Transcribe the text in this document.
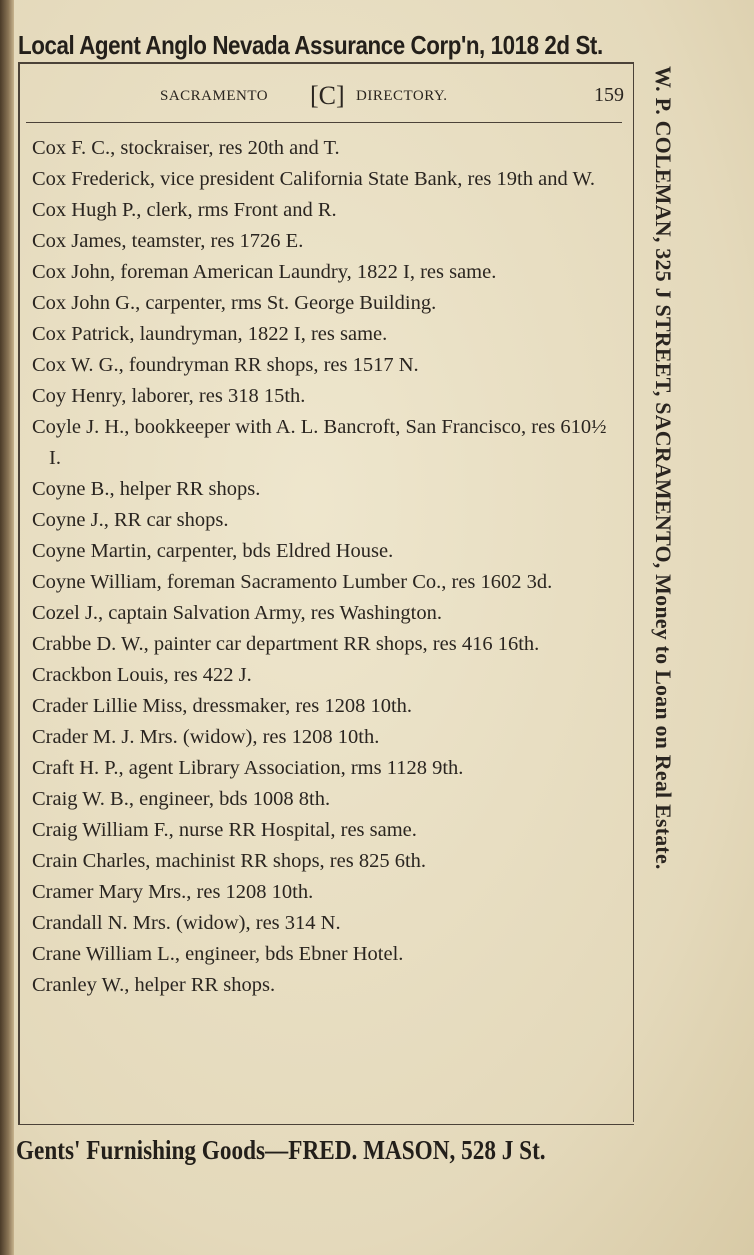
Local Agent Anglo Nevada Assurance Corp'n, 1018 2d St.
SACRAMENTO [C] DIRECTORY.	159
Cox F. C., stockraiser, res 20th and T.
Cox Frederick, vice president California State Bank, res 19th and W.
Cox Hugh P., clerk, rms Front and R.
Cox James, teamster, res 1726 E.
Cox John, foreman American Laundry, 1822 I, res same.
Cox John G., carpenter, rms St. George Building.
Cox Patrick, laundryman, 1822 I, res same.
Cox W. G., foundryman RR shops, res 1517 N.
Coy Henry, laborer, res 318 15th.
Coyle J. H., bookkeeper with A. L. Bancroft, San Francisco, res 610½ I.
Coyne B., helper RR shops.
Coyne J., RR car shops.
Coyne Martin, carpenter, bds Eldred House.
Coyne William, foreman Sacramento Lumber Co., res 1602 3d.
Cozel J., captain Salvation Army, res Washington.
Crabbe D. W., painter car department RR shops, res 416 16th.
Crackbon Louis, res 422 J.
Crader Lillie Miss, dressmaker, res 1208 10th.
Crader M. J. Mrs. (widow), res 1208 10th.
Craft H. P., agent Library Association, rms 1128 9th.
Craig W. B., engineer, bds 1008 8th.
Craig William F., nurse RR Hospital, res same.
Crain Charles, machinist RR shops, res 825 6th.
Cramer Mary Mrs., res 1208 10th.
Crandall N. Mrs. (widow), res 314 N.
Crane William L., engineer, bds Ebner Hotel.
Cranley W., helper RR shops.
W. P. COLEMAN, 325 J STREET, SACRAMENTO, Money to Loan on Real Estate.
Gents' Furnishing Goods—FRED. MASON, 528 J St.
